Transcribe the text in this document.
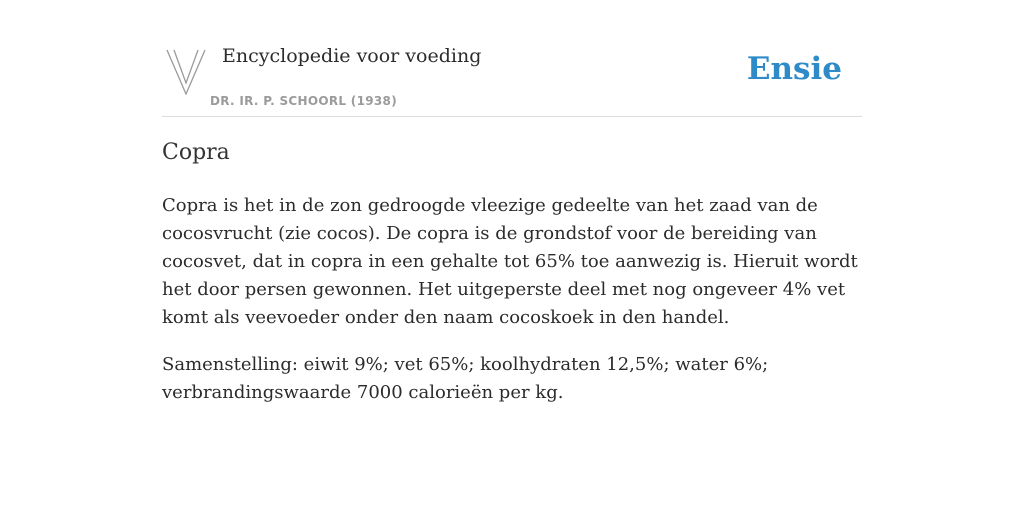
Encyclopedie voor voeding
DR. IR. P. SCHOORL (1938)
Ensie
Copra

Copra is het in de zon gedroogde vleezige gedeelte van het zaad van de cocosvrucht (zie cocos). De copra is de grondstof voor de bereiding van cocosvet, dat in copra in een gehalte tot 65% toe aanwezig is. Hieruit wordt het door persen gewonnen. Het uitgeperste deel met nog ongeveer 4% vet komt als veevoeder onder den naam cocoskoek in den handel.

Samenstelling: eiwit 9%; vet 65%; koolhydraten 12,5%; water 6%; verbrandingswaarde 7000 calorieën per kg.
